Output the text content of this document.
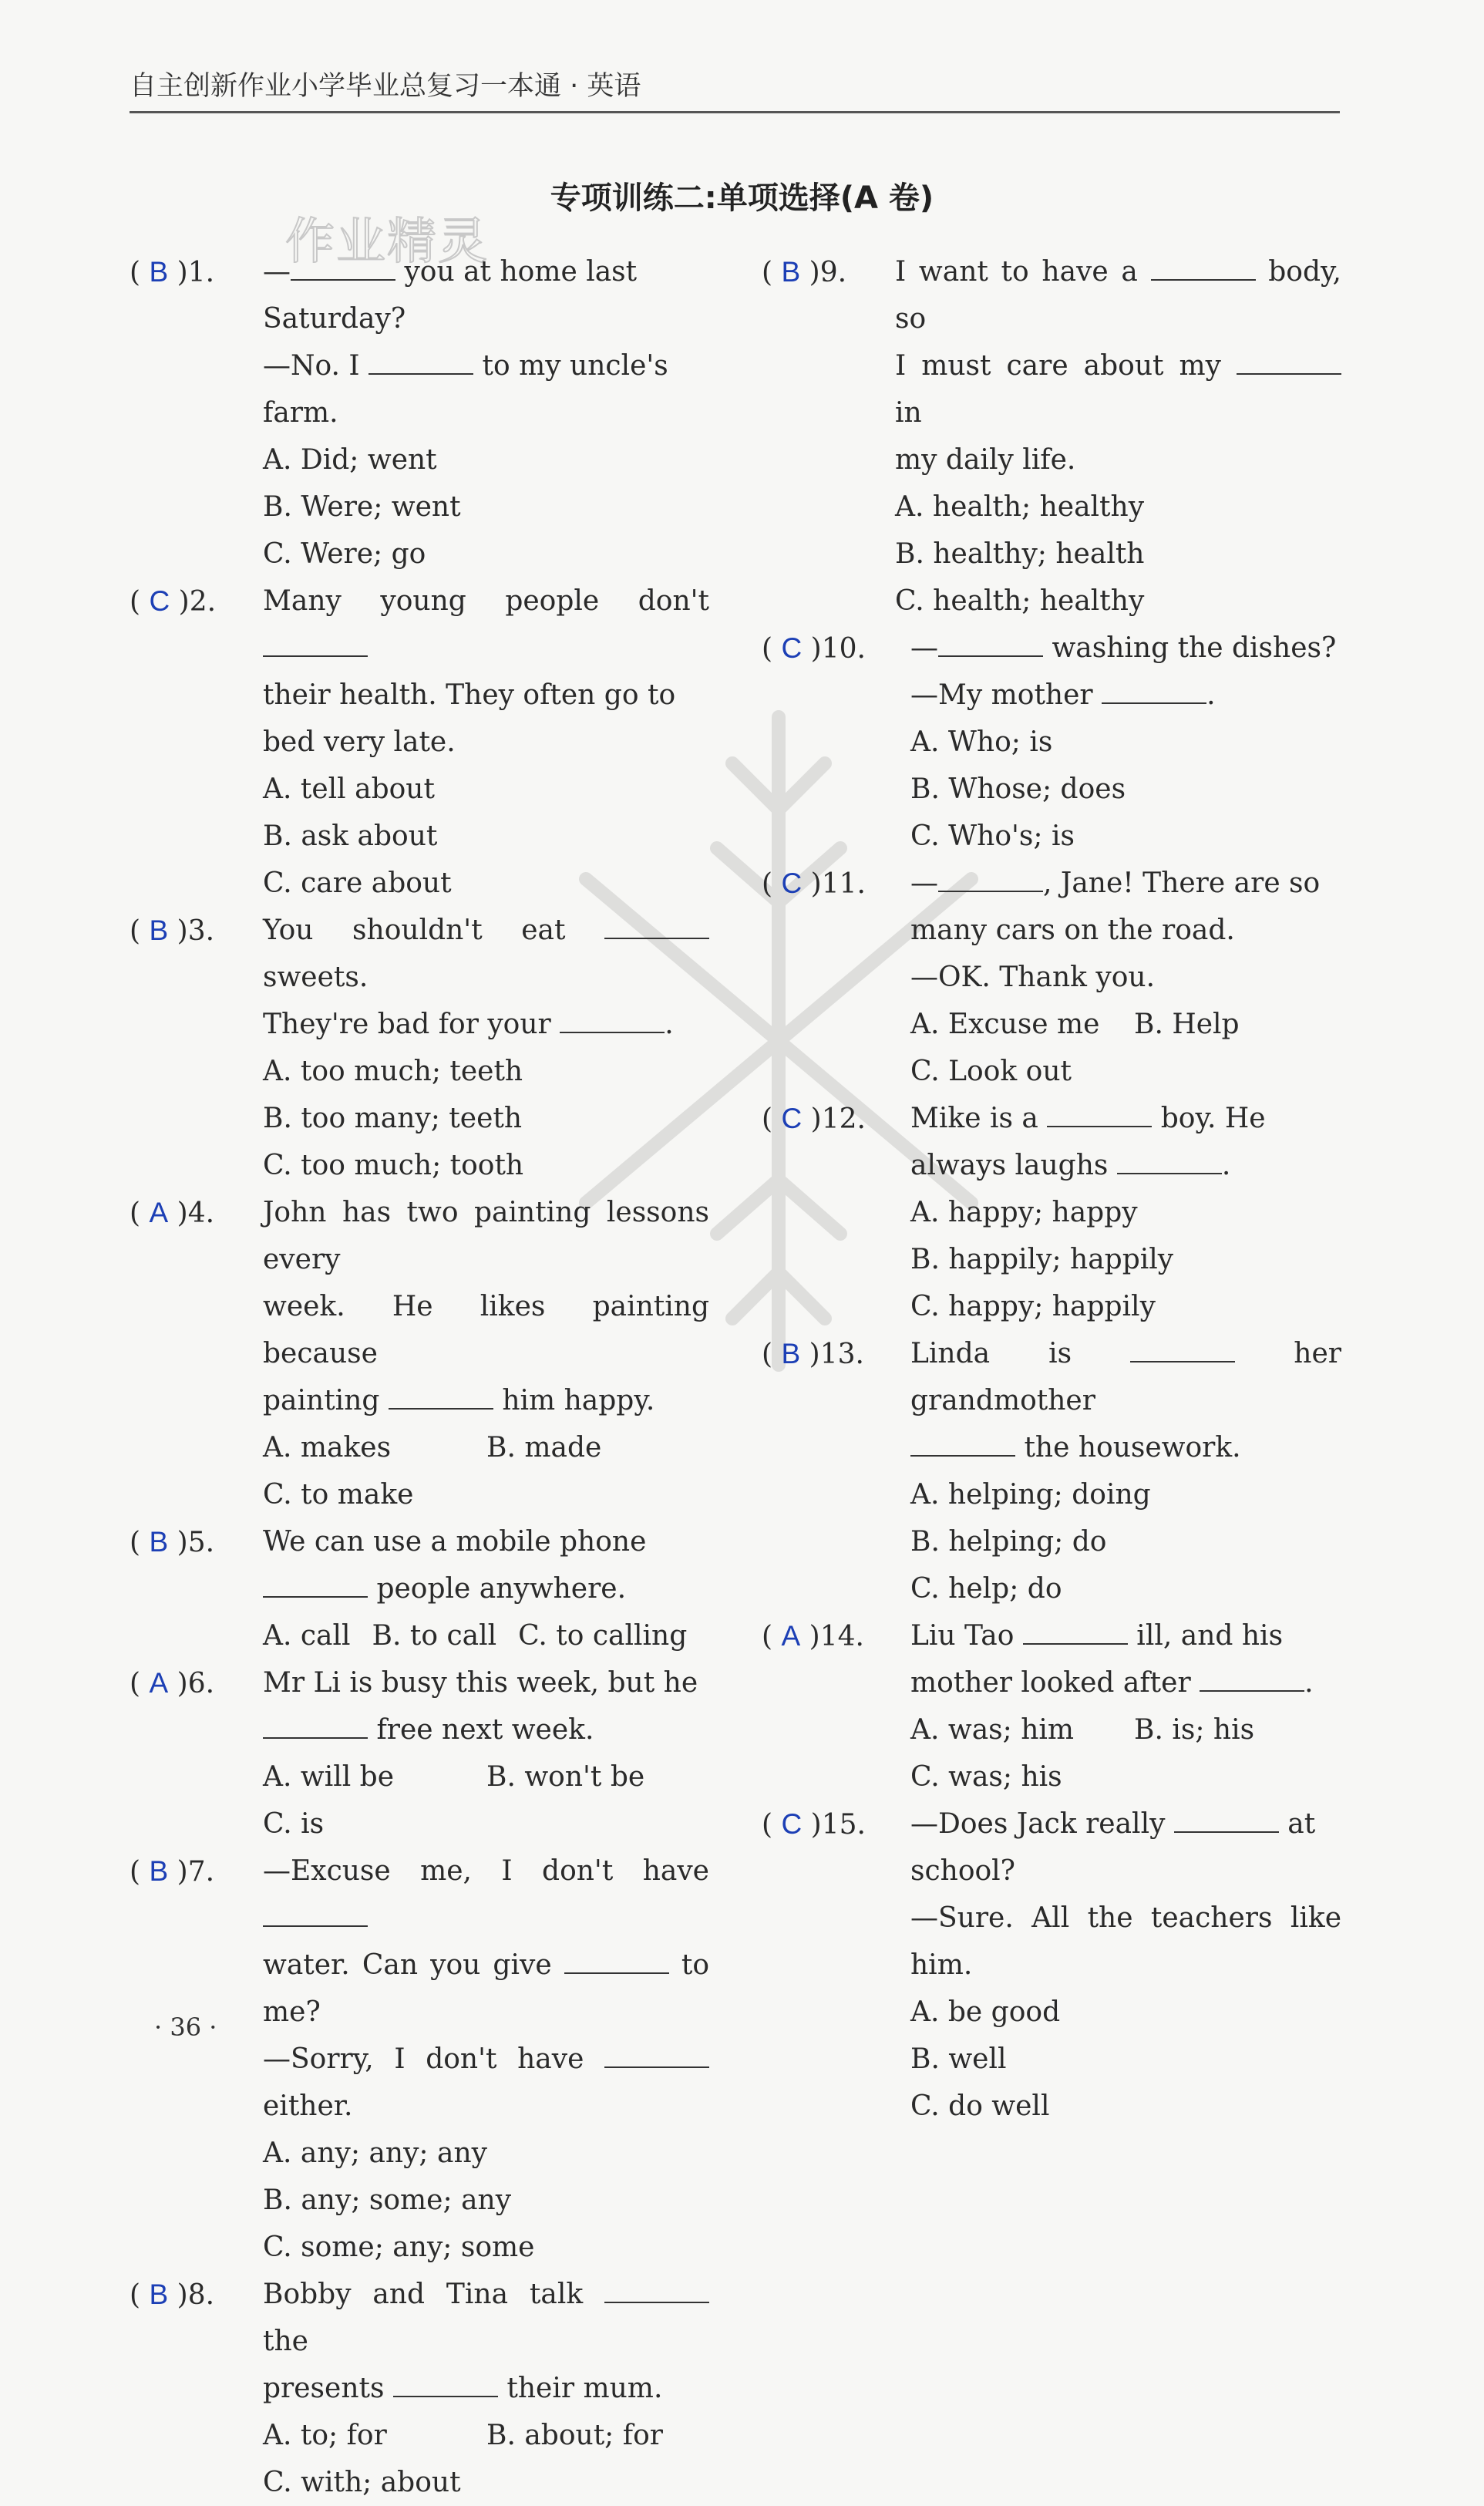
自主创新作业小学毕业总复习一本通 · 英语
专项训练二:单项选择(A 卷)
作业精灵
( B )1. —	you at home last
Saturday?
—No. I	to my uncle's
farm.
A. Did; went
B. Were; went
C. Were; go
( C )2. Many young people don't
their health. They often go to
bed very late.
A. tell about
B. ask about
C. care about
( B )3. You shouldn't eat  sweets.
They're bad for your	.
A. too much; teeth
B. too many; teeth
C. too much; tooth
( A )4. John has two painting lessons every
week. He likes painting because
painting	him happy.
A. makes	B. made
C. to make
( B )5. We can use a mobile phone
people anywhere.
A. call B. to call C. to calling
( A )6. Mr Li is busy this week, but he
free next week.
A. will be	B. won't be
C. is
( B )7. —Excuse me, I don't have
water. Can you give	to me?
—Sorry, I don't have  either.
A. any; any; any
B. any; some; any
C. some; any; some
( B )8. Bobby and Tina talk  the
presents	their mum.
A. to; for	B. about; for
C. with; about
( B )9. I want to have a	body, so
I must care about my  in
my daily life.
A. health; healthy
B. healthy; health
C. health; healthy
( C )10. —	washing the dishes?
—My mother	.
A. Who; is
B. Whose; does
C. Who's; is
( C )11. —	, Jane! There are so
many cars on the road.
—OK. Thank you.
A. Excuse me	B. Help
C. Look out
( C )12. Mike is a	boy. He
always laughs	.
A. happy; happy
B. happily; happily
C. happy; happily
( B )13. Linda is	her grandmother
the housework.
A. helping; doing
B. helping; do
C. help; do
( A )14. Liu Tao	ill, and his
mother looked after	.
A. was; him	B. is; his
C. was; his
( C )15. —Does Jack really	at
school?
—Sure. All the teachers like him.
A. be good
B. well
C. do well
· 36 ·
